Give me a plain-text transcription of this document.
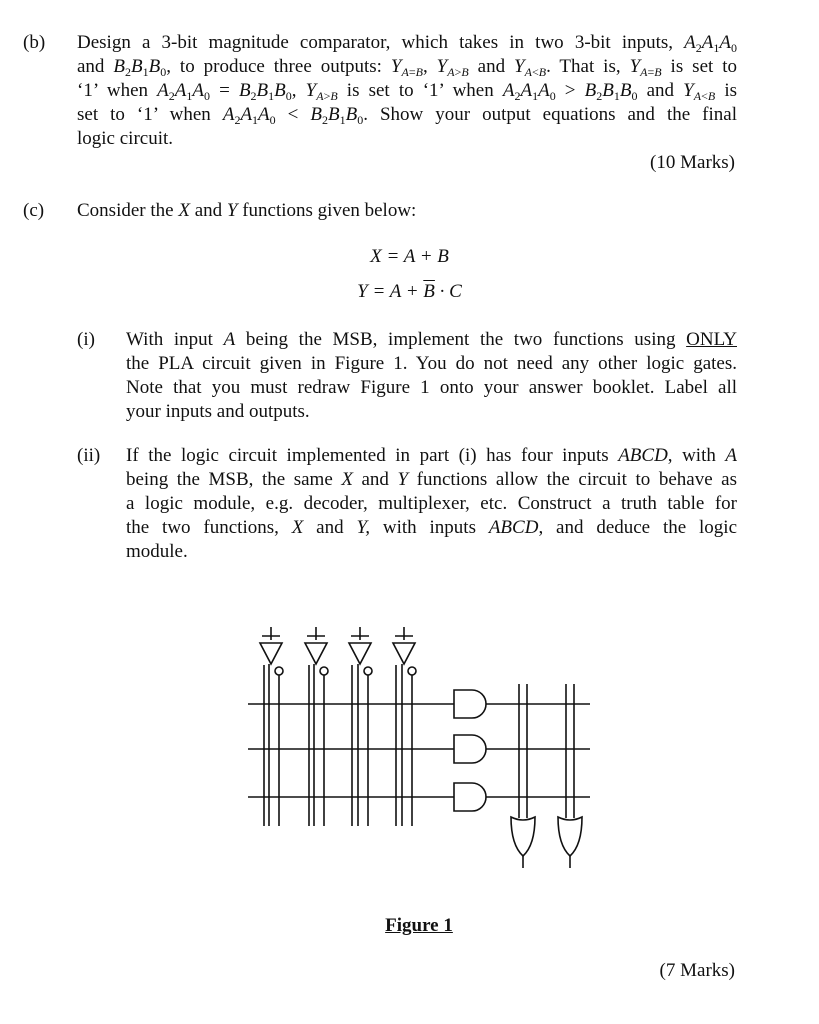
(b) Design a 3-bit magnitude comparator, which takes in two 3-bit inputs, $A_2A_1A_0$
and $B_2B_1B_0$, to produce three outputs: $Y_{A=B}$, $Y_{A>B}$ and $Y_{A<B}$. That is, $Y_{A=B}$ is set to
‘1’ when $A_2A_1A_0 = B_2B_1B_0$, $Y_{A>B}$ is set to ‘1’ when $A_2A_1A_0 > B_2B_1B_0$ and $Y_{A<B}$ is
set to ‘1’ when $A_2A_1A_0 < B_2B_1B_0$. Show your output equations and the final
logic circuit.
(10 Marks)
(c) Consider the X and Y functions given below:
X = A + B
$Y = A + \overline{B} \cdot C$
(i) With input A being the MSB, implement the two functions using ONLY
the PLA circuit given in Figure 1. You do not need any other logic gates.
Note that you must redraw Figure 1 onto your answer booklet. Label all
your inputs and outputs.
(ii) If the logic circuit implemented in part (i) has four inputs ABCD, with A
being the MSB, the same X and Y functions allow the circuit to behave as
a logic module, e.g. decoder, multiplexer, etc. Construct a truth table for
the two functions, X and Y, with inputs ABCD, and deduce the logic
module.
Figure 1
(7 Marks)
